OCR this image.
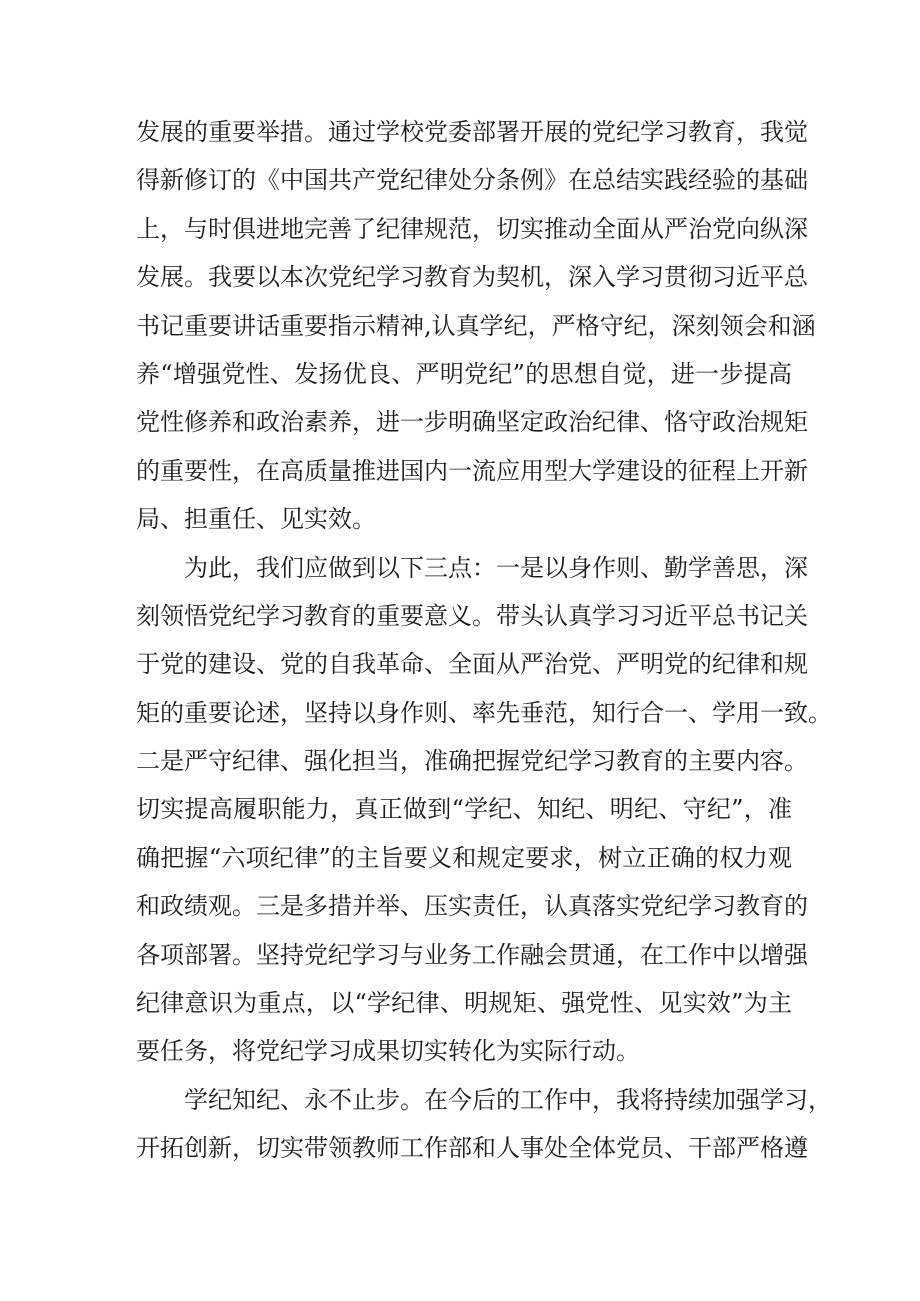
发展的重要举措。通过学校党委部署开展的党纪学习教育，我觉
得新修订的《中国共产党纪律处分条例》在总结实践经验的基础
上，与时俱进地完善了纪律规范，切实推动全面从严治党向纵深
发展。我要以本次党纪学习教育为契机，深入学习贯彻习近平总
书记重要讲话重要指示精神,认真学纪，严格守纪，深刻领会和涵
养“增强党性、发扬优良、严明党纪”的思想自觉，进一步提高
党性修养和政治素养，进一步明确坚定政治纪律、恪守政治规矩
的重要性，在高质量推进国内一流应用型大学建设的征程上开新
局、担重任、见实效。
为此，我们应做到以下三点：一是以身作则、勤学善思，深
刻领悟党纪学习教育的重要意义。带头认真学习习近平总书记关
于党的建设、党的自我革命、全面从严治党、严明党的纪律和规
矩的重要论述，坚持以身作则、率先垂范，知行合一、学用一致。
二是严守纪律、强化担当，准确把握党纪学习教育的主要内容。
切实提高履职能力，真正做到“学纪、知纪、明纪、守纪”，准
确把握“六项纪律”的主旨要义和规定要求，树立正确的权力观
和政绩观。三是多措并举、压实责任，认真落实党纪学习教育的
各项部署。坚持党纪学习与业务工作融会贯通，在工作中以增强
纪律意识为重点，以“学纪律、明规矩、强党性、见实效”为主
要任务，将党纪学习成果切实转化为实际行动。
学纪知纪、永不止步。在今后的工作中，我将持续加强学习，
开拓创新，切实带领教师工作部和人事处全体党员、干部严格遵
